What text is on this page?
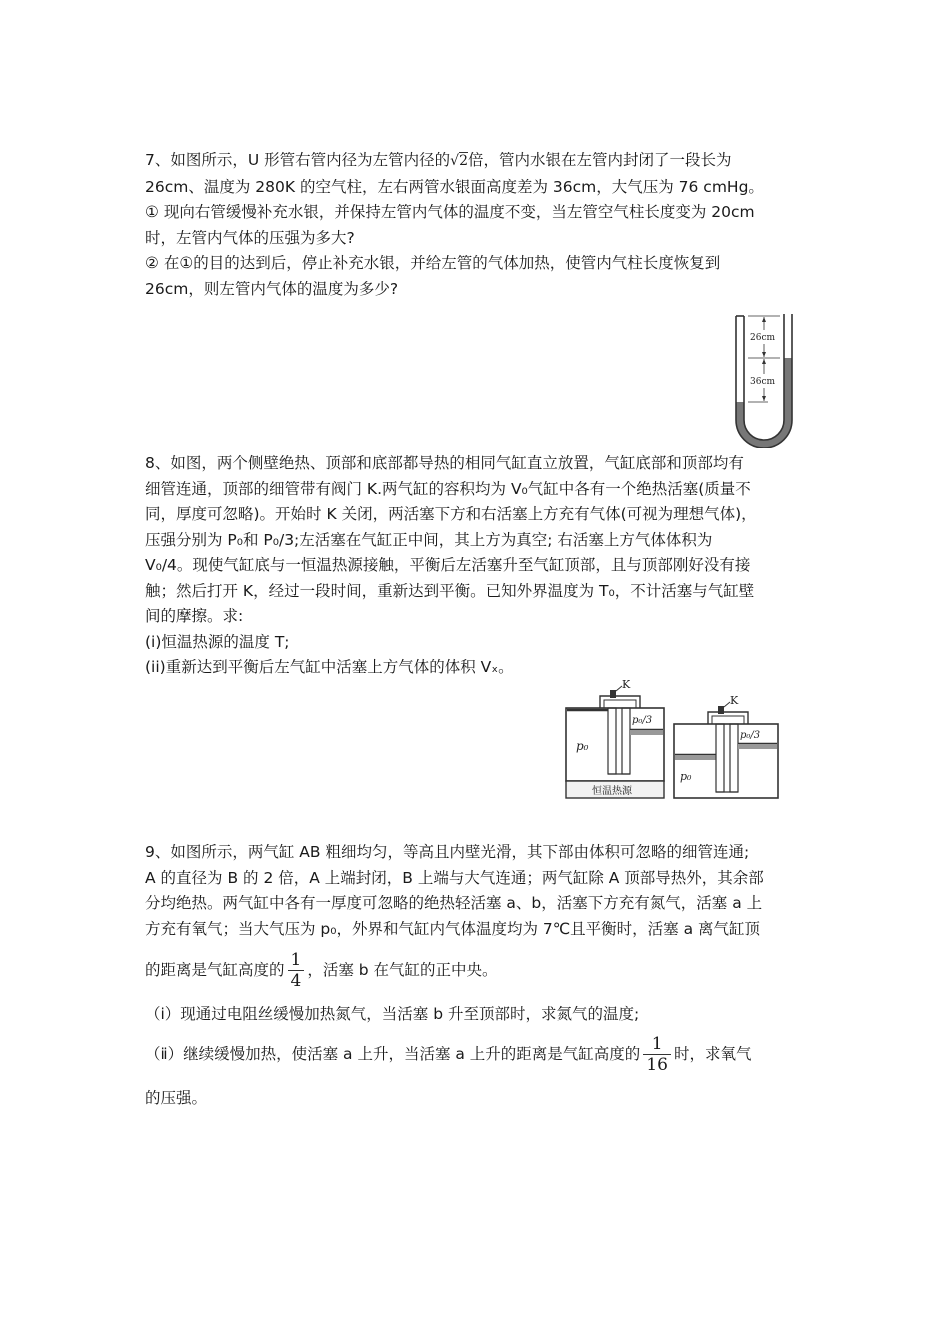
7、如图所示，U 形管右管内径为左管内径的√2倍，管内水银在左管内封闭了一段长为

26cm、温度为 280K 的空气柱，左右两管水银面高度差为 36cm，大气压为 76 cmHg。

① 现向右管缓慢补充水银，并保持左管内气体的温度不变，当左管空气柱长度变为 20cm

时，左管内气体的压强为多大?

② 在①的目的达到后，停止补充水银，并给左管的气体加热，使管内气柱长度恢复到

26cm，则左管内气体的温度为多少?

26cm
36cm

8、如图，两个侧壁绝热、顶部和底部都导热的相同气缸直立放置，气缸底部和顶部均有

细管连通，顶部的细管带有阀门 K.两气缸的容积均为 V₀气缸中各有一个绝热活塞(质量不

同，厚度可忽略)。开始时 K 关闭，两活塞下方和右活塞上方充有气体(可视为理想气体)，

压强分别为 P₀和 P₀/3;左活塞在气缸正中间，其上方为真空; 右活塞上方气体体积为

V₀/4。现使气缸底与一恒温热源接触，平衡后左活塞升至气缸顶部，且与顶部刚好没有接

触；然后打开 K，经过一段时间，重新达到平衡。已知外界温度为 T₀，不计活塞与气缸壁

间的摩擦。求:

(i)恒温热源的温度 T;

(ii)重新达到平衡后左气缸中活塞上方气体的体积 Vₓ。

恒温热源
p₀
K
p₀/3
p₀
K
p₀/3

9、如图所示，两气缸 AB 粗细均匀，等高且内壁光滑，其下部由体积可忽略的细管连通;

A 的直径为 B 的 2 倍，A 上端封闭，B 上端与大气连通；两气缸除 A 顶部导热外，其余部

分均绝热。两气缸中各有一厚度可忽略的绝热轻活塞 a、b，活塞下方充有氮气，活塞 a 上

方充有氧气；当大气压为 p₀，外界和气缸内气体温度均为 7℃且平衡时，活塞 a 离气缸顶

的距离是气缸高度的 $\frac{1}{4}$ ，活塞 b 在气缸的正中央。

（ⅰ）现通过电阻丝缓慢加热氮气，当活塞 b 升至顶部时，求氮气的温度;

（ⅱ）继续缓慢加热，使活塞 a 上升，当活塞 a 上升的距离是气缸高度的 $\frac{1}{16}$ 时，求氧气

的压强。
